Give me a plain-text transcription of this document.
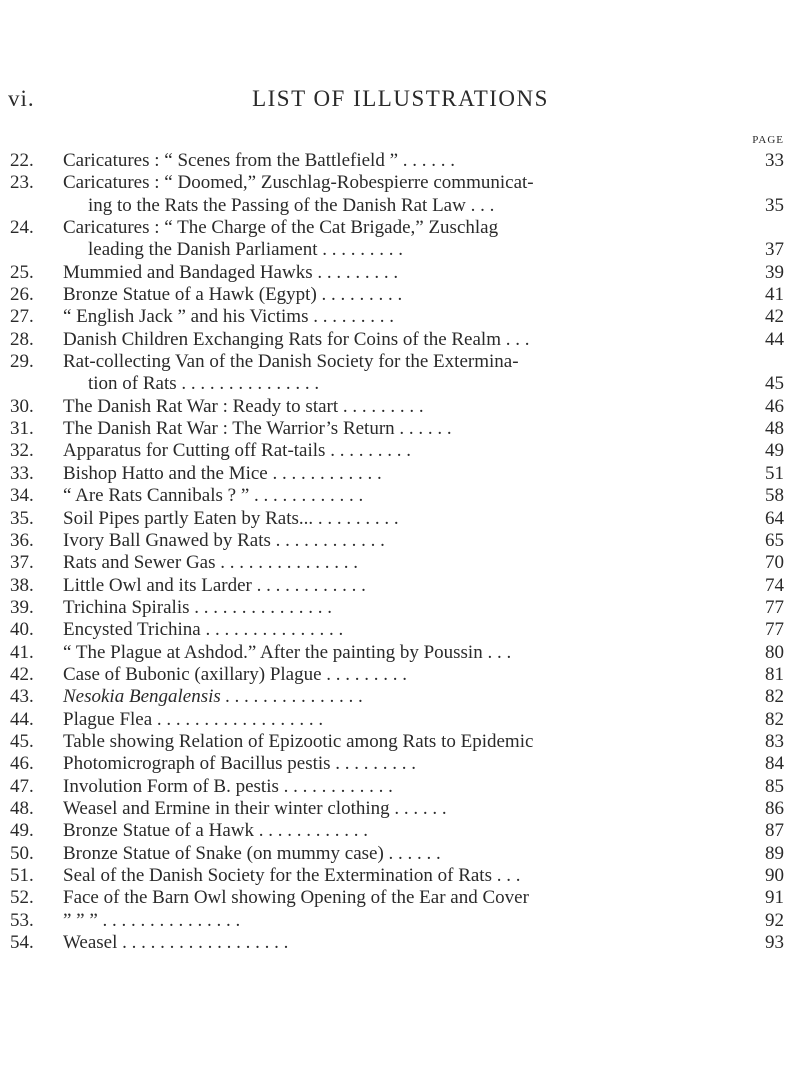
vi.	LIST OF ILLUSTRATIONS
PAGE
22. Caricatures : “ Scenes from the Battlefield ” . . . . . .	33
23. Caricatures : “ Doomed,” Zuschlag-Robespierre communicat-
ing to the Rats the Passing of the Danish Rat Law . . .	35
24. Caricatures : “ The Charge of the Cat Brigade,” Zuschlag
leading the Danish Parliament . . . . . . . . .	37
25. Mummied and Bandaged Hawks . . . . . . . . .	39
26. Bronze Statue of a Hawk (Egypt) . . . . . . . . .	41
27. “ English Jack ” and his Victims . . . . . . . . .	42
28. Danish Children Exchanging Rats for Coins of the Realm . . .	44
29. Rat-collecting Van of the Danish Society for the Extermina-
tion of Rats . . . . . . . . . . . . . . .	45
30. The Danish Rat War : Ready to start . . . . . . . . .	46
31. The Danish Rat War : The Warrior’s Return . . . . . .	48
32. Apparatus for Cutting off Rat-tails . . . . . . . . .	49
33. Bishop Hatto and the Mice . . . . . . . . . . . .	51
34. “ Are Rats Cannibals ? ” . . . . . . . . . . . .	58
35. Soil Pipes partly Eaten by Rats... . . . . . . . . .	64
36. Ivory Ball Gnawed by Rats . . . . . . . . . . . .	65
37. Rats and Sewer Gas . . . . . . . . . . . . . . .	70
38. Little Owl and its Larder . . . . . . . . . . . .	74
39. Trichina Spiralis . . . . . . . . . . . . . . .	77
40. Encysted Trichina . . . . . . . . . . . . . . .	77
41. “ The Plague at Ashdod.” After the painting by Poussin . . .	80
42. Case of Bubonic (axillary) Plague . . . . . . . . .	81
43. Nesokia Bengalensis . . . . . . . . . . . . . . .	82
44. Plague Flea . . . . . . . . . . . . . . . . . .	82
45. Table showing Relation of Epizootic among Rats to Epidemic	83
46. Photomicrograph of Bacillus pestis . . . . . . . . .	84
47. Involution Form of B. pestis . . . . . . . . . . . .	85
48. Weasel and Ermine in their winter clothing . . . . . .	86
49. Bronze Statue of a Hawk . . . . . . . . . . . .	87
50. Bronze Statue of Snake (on mummy case) . . . . . .	89
51. Seal of the Danish Society for the Extermination of Rats . . .	90
52. Face of the Barn Owl showing Opening of the Ear and Cover	91
53. ” ” ” . . . . . . . . . . . . . . .	92
54. Weasel . . . . . . . . . . . . . . . . . .	93
